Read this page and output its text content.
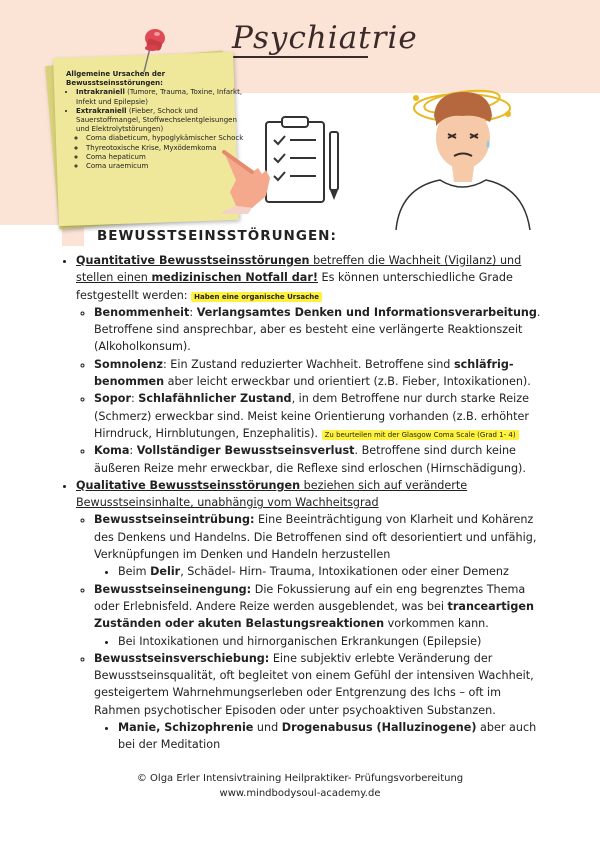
Psychiatrie
Allgemeine Ursachen der Bewusstseinsstörungen:
• Intrakraniell (Tumore, Trauma, Toxine, Infarkt, Infekt und Epilepsie)
• Extrakraniell (Fieber, Schock und Sauerstoffmangel, Stoffwechselentgleisungen und Elektrolytstörungen)
◦ Coma diabeticum, hypoglykämischer Schock
◦ Thyreotoxische Krise, Myxödemkoma
◦ Coma hepaticum
◦ Coma uraemicum
BEWUSSTSEINSSTÖRUNGEN:
• Quantitative Bewusstseinsstörungen betreffen die Wachheit (Vigilanz) und stellen einen medizinischen Notfall dar! Es können unterschiedliche Grade festgestellt werden: Haben eine organische Ursache
◦ Benommenheit: Verlangsamtes Denken und Informationsverarbeitung. Betroffene sind ansprechbar, aber es besteht eine verlängerte Reaktionszeit (Alkoholkonsum).
◦ Somnolenz: Ein Zustand reduzierter Wachheit. Betroffene sind schläfrig-benommen aber leicht erweckbar und orientiert (z.B. Fieber, Intoxikationen).
◦ Sopor: Schlafähnlicher Zustand, in dem Betroffene nur durch starke Reize (Schmerz) erweckbar sind. Meist keine Orientierung vorhanden (z.B. erhöhter Hirndruck, Hirnblutungen, Enzephalitis). Zu beurteilen mit der Glasgow Coma Scale (Grad 1- 4)
◦ Koma: Vollständiger Bewusstseinsverlust. Betroffene sind durch keine äußeren Reize mehr erweckbar, die Reflexe sind erloschen (Hirnschädigung).
• Qualitative Bewusstseinsstörungen beziehen sich auf veränderte Bewusstseinsinhalte, unabhängig vom Wachheitsgrad
◦ Bewusstseinseintrübung: Eine Beeinträchtigung von Klarheit und Kohärenz des Denkens und Handelns. Die Betroffenen sind oft desorientiert und unfähig, Verknüpfungen im Denken und Handeln herzustellen
• Beim Delir, Schädel- Hirn- Trauma, Intoxikationen oder einer Demenz
◦ Bewusstseinseinengung: Die Fokussierung auf ein eng begrenztes Thema oder Erlebnisfeld. Andere Reize werden ausgeblendet, was bei tranceartigen Zuständen oder akuten Belastungsreaktionen vorkommen kann.
• Bei Intoxikationen und hirnorganischen Erkrankungen (Epilepsie)
◦ Bewusstseinsverschiebung: Eine subjektiv erlebte Veränderung der Bewusstseinsqualität, oft begleitet von einem Gefühl der intensiven Wachheit, gesteigertem Wahrnehmungserleben oder Entgrenzung des Ichs – oft im Rahmen psychotischer Episoden oder unter psychoaktiven Substanzen.
• Manie, Schizophrenie und Drogenabusus (Halluzinogene) aber auch bei der Meditation
© Olga Erler Intensivtraining Heilpraktiker- Prüfungsvorbereitung
www.mindbodysoul-academy.de
